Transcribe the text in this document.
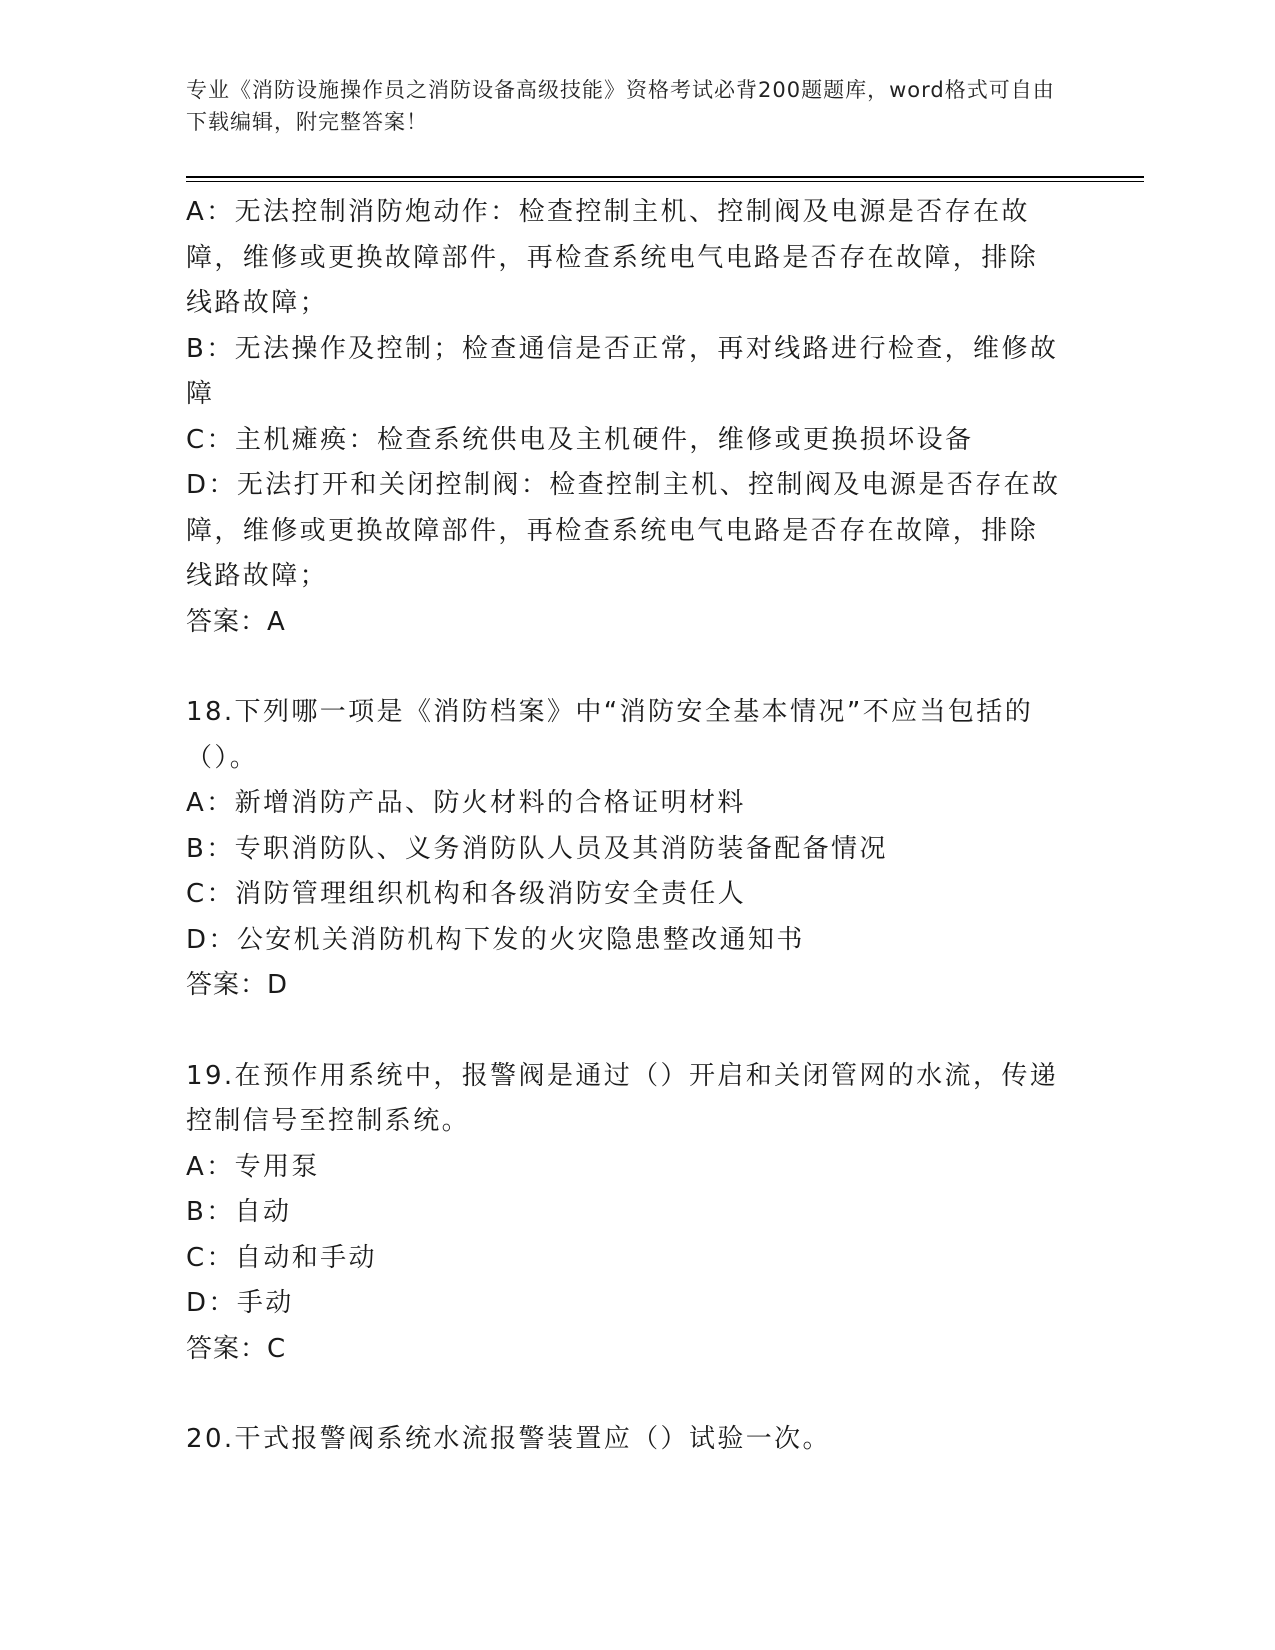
专业《消防设施操作员之消防设备高级技能》资格考试必背200题题库，word格式可自由下载编辑，附完整答案！

A：无法控制消防炮动作：检查控制主机、控制阀及电源是否存在故障，维修或更换故障部件，再检查系统电气电路是否存在故障，排除线路故障；

B：无法操作及控制；检查通信是否正常，再对线路进行检查，维修故障

C：主机瘫痪：检查系统供电及主机硬件，维修或更换损坏设备

D：无法打开和关闭控制阀：检查控制主机、控制阀及电源是否存在故障，维修或更换故障部件，再检查系统电气电路是否存在故障，排除线路故障；

答案：A

18.下列哪一项是《消防档案》中“消防安全基本情况”不应当包括的（）。

A：新增消防产品、防火材料的合格证明材料

B：专职消防队、义务消防队人员及其消防装备配备情况

C：消防管理组织机构和各级消防安全责任人

D：公安机关消防机构下发的火灾隐患整改通知书

答案：D

19.在预作用系统中，报警阀是通过（）开启和关闭管网的水流，传递控制信号至控制系统。

A：专用泵

B：自动

C：自动和手动

D：手动

答案：C

20.干式报警阀系统水流报警装置应（）试验一次。
